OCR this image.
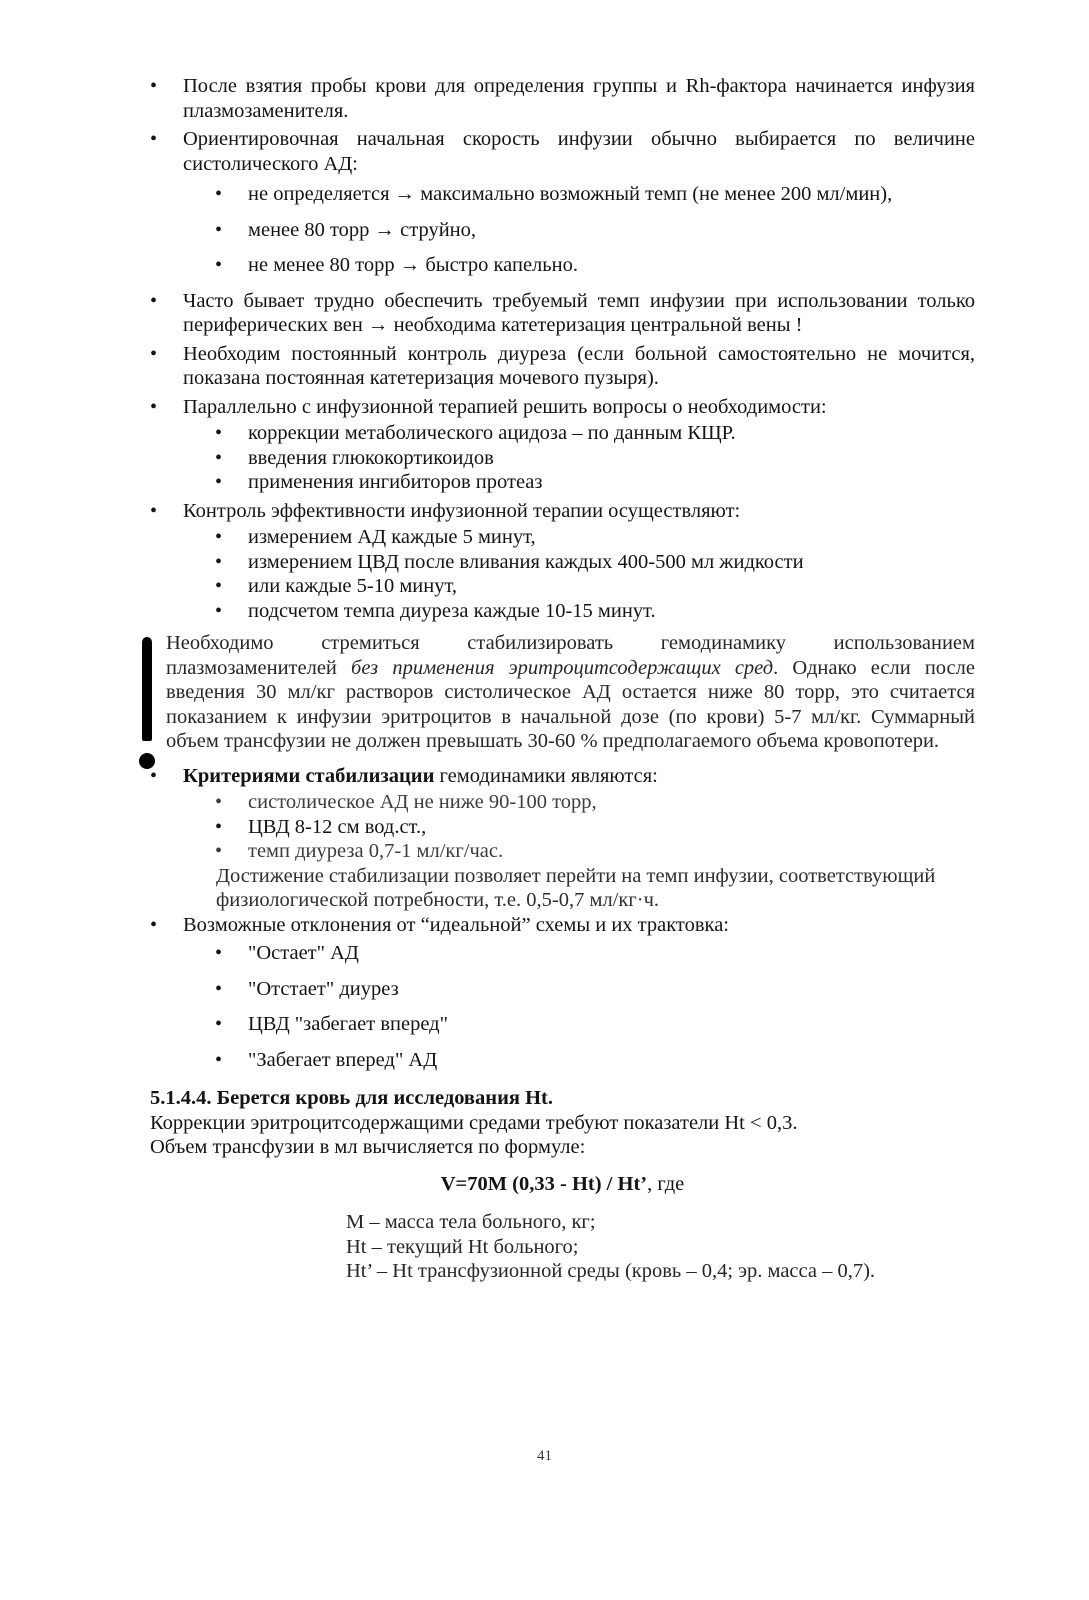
• После взятия пробы крови для определения группы и Rh-фактора начинается инфузия плазмозаменителя.
• Ориентировочная начальная скорость инфузии обычно выбирается по величине систолического АД:
• не определяется → максимально возможный темп (не менее 200 мл/мин),
• менее 80 торр → струйно,
• не менее 80 торр → быстро капельно.
• Часто бывает трудно обеспечить требуемый темп инфузии при использовании только периферических вен → необходима катетеризация центральной вены !
• Необходим постоянный контроль диуреза (если больной самостоятельно не мочится, показана постоянная катетеризация мочевого пузыря).
• Параллельно с инфузионной терапией решить вопросы о необходимости:
• коррекции метаболического ацидоза – по данным КЩР.
• введения глюкокортикоидов
• применения ингибиторов протеаз
• Контроль эффективности инфузионной терапии осуществляют:
• измерением АД каждые 5 минут,
• измерением ЦВД после вливания каждых 400-500 мл жидкости
• или каждые 5-10 минут,
• подсчетом темпа диуреза каждые 10-15 минут.
Необходимо стремиться стабилизировать гемодинамику использованием плазмозаменителей без применения эритроцитсодержащих сред. Однако если после введения 30 мл/кг растворов систолическое АД остается ниже 80 торр, это считается показанием к инфузии эритроцитов в начальной дозе (по крови) 5-7 мл/кг. Суммарный объем трансфузии не должен превышать 30-60 % предполагаемого объема кровопотери.
• Критериями стабилизации гемодинамики являются:
• систолическое АД не ниже 90-100 торр,
• ЦВД 8-12 см вод.ст.,
• темп диуреза 0,7-1 мл/кг/час.
Достижение стабилизации позволяет перейти на темп инфузии, соответствующий физиологической потребности, т.е. 0,5-0,7 мл/кг·ч.
• Возможные отклонения от “идеальной” схемы и их трактовка:
• "Остает" АД
• "Отстает" диурез
• ЦВД "забегает вперед"
• "Забегает вперед" АД
5.1.4.4. Берется кровь для исследования Ht.
Коррекции эритроцитсодержащими средами требуют показатели Ht < 0,3.
Объем трансфузии в мл вычисляется по формуле:
V=70M (0,33 - Ht) / Ht’, где
М – масса тела больного, кг;
Ht – текущий Ht больного;
Ht’ – Ht трансфузионной среды (кровь – 0,4; эр. масса – 0,7).
41
